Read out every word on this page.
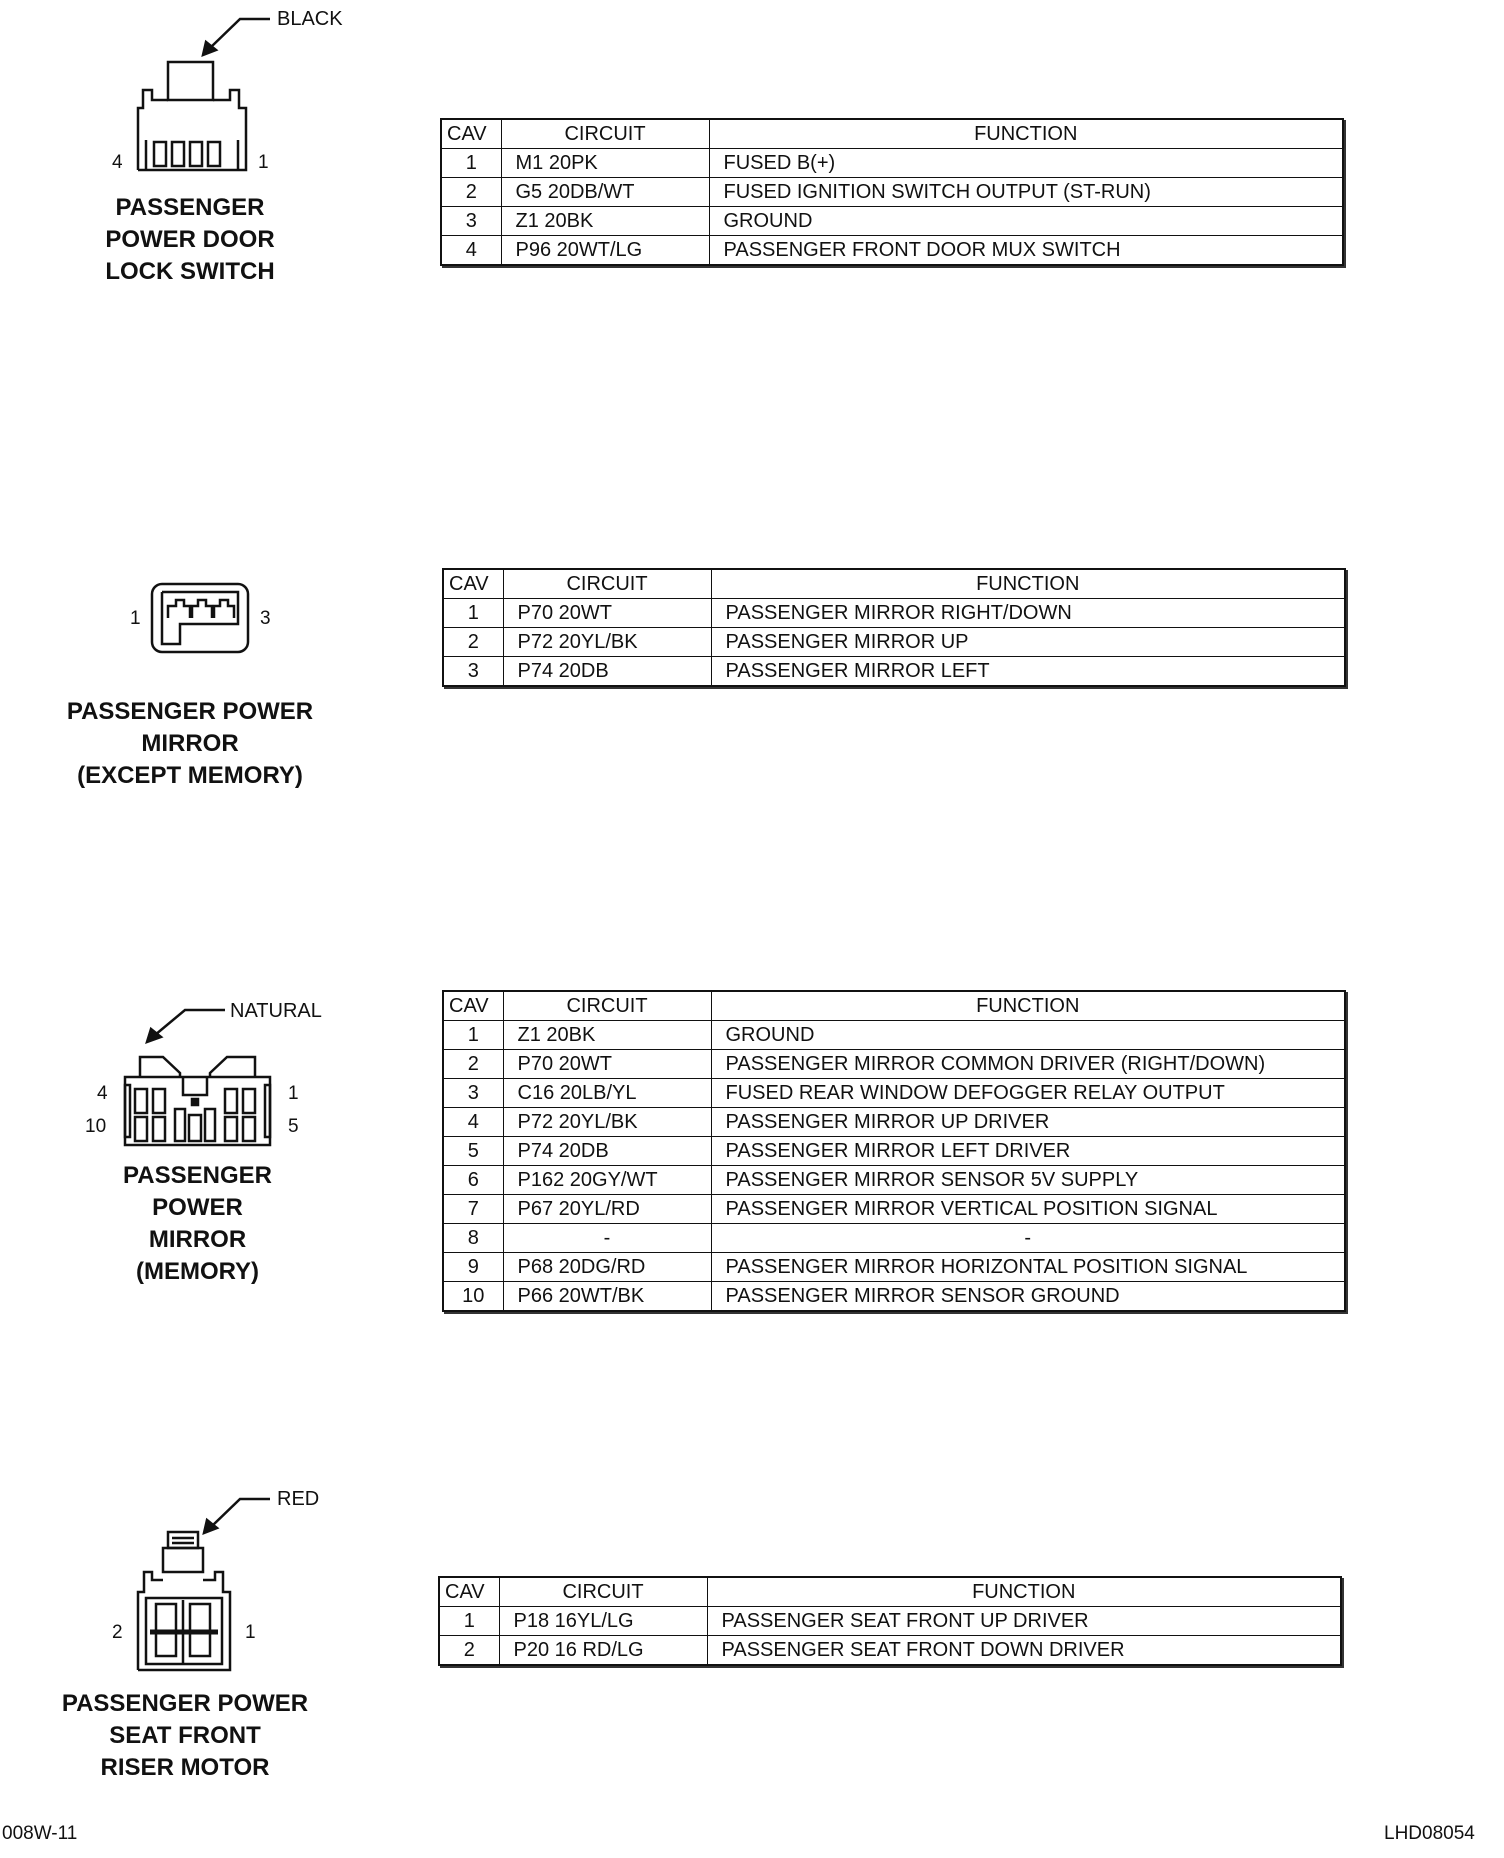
BLACK
4	1
PASSENGER
POWER DOOR
LOCK SWITCH
CAV	CIRCUIT	FUNCTION
1	M1 20PK	FUSED B(+)
2	G5 20DB/WT	FUSED IGNITION SWITCH OUTPUT (ST-RUN)
3	Z1 20BK	GROUND
4	P96 20WT/LG	PASSENGER FRONT DOOR MUX SWITCH
1	3
PASSENGER POWER
MIRROR
(EXCEPT MEMORY)
CAV	CIRCUIT	FUNCTION
1	P70 20WT	PASSENGER MIRROR RIGHT/DOWN
2	P72 20YL/BK	PASSENGER MIRROR UP
3	P74 20DB	PASSENGER MIRROR LEFT
NATURAL
4	1
10	5
PASSENGER
POWER
MIRROR
(MEMORY)
CAV	CIRCUIT	FUNCTION
1	Z1 20BK	GROUND
2	P70 20WT	PASSENGER MIRROR COMMON DRIVER (RIGHT/DOWN)
3	C16 20LB/YL	FUSED REAR WINDOW DEFOGGER RELAY OUTPUT
4	P72 20YL/BK	PASSENGER MIRROR UP DRIVER
5	P74 20DB	PASSENGER MIRROR LEFT DRIVER
6	P162 20GY/WT	PASSENGER MIRROR SENSOR 5V SUPPLY
7	P67 20YL/RD	PASSENGER MIRROR VERTICAL POSITION SIGNAL
8	-	-
9	P68 20DG/RD	PASSENGER MIRROR HORIZONTAL POSITION SIGNAL
10	P66 20WT/BK	PASSENGER MIRROR SENSOR GROUND
RED
2	1
PASSENGER POWER
SEAT FRONT
RISER MOTOR
CAV	CIRCUIT	FUNCTION
1	P18 16YL/LG	PASSENGER SEAT FRONT UP DRIVER
2	P20 16 RD/LG	PASSENGER SEAT FRONT DOWN DRIVER
008W-11	LHD08054
